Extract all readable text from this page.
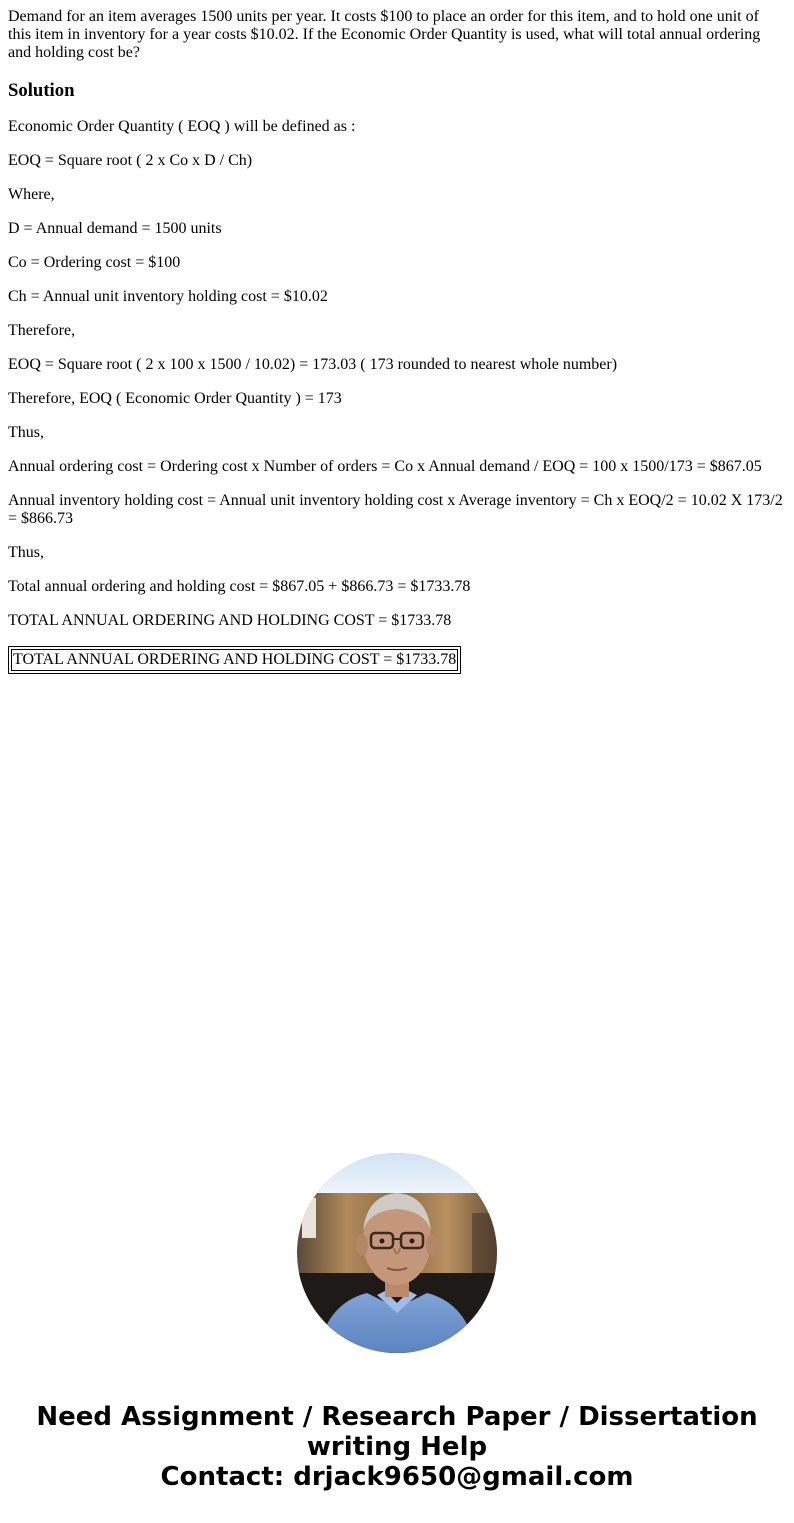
Demand for an item averages 1500 units per year. It costs $100 to place an order for this item, and to hold one unit of this item in inventory for a year costs $10.02. If the Economic Order Quantity is used, what will total annual ordering and holding cost be?

Solution

Economic Order Quantity ( EOQ ) will be defined as :

EOQ = Square root ( 2 x Co x D / Ch)

Where,

D = Annual demand = 1500 units

Co = Ordering cost = $100

Ch = Annual unit inventory holding cost = $10.02

Therefore,

EOQ = Square root ( 2 x 100 x 1500 / 10.02) = 173.03 ( 173 rounded to nearest whole number)

Therefore, EOQ ( Economic Order Quantity ) = 173

Thus,

Annual ordering cost = Ordering cost x Number of orders = Co x Annual demand / EOQ = 100 x 1500/173 = $867.05

Annual inventory holding cost = Annual unit inventory holding cost x Average inventory = Ch x EOQ/2 = 10.02 X 173/2 = $866.73

Thus,

Total annual ordering and holding cost = $867.05 + $866.73 = $1733.78

TOTAL ANNUAL ORDERING AND HOLDING COST = $1733.78

TOTAL ANNUAL ORDERING AND HOLDING COST = $1733.78
Need Assignment / Research Paper / Dissertation
writing Help
Contact: drjack9650@gmail.com
